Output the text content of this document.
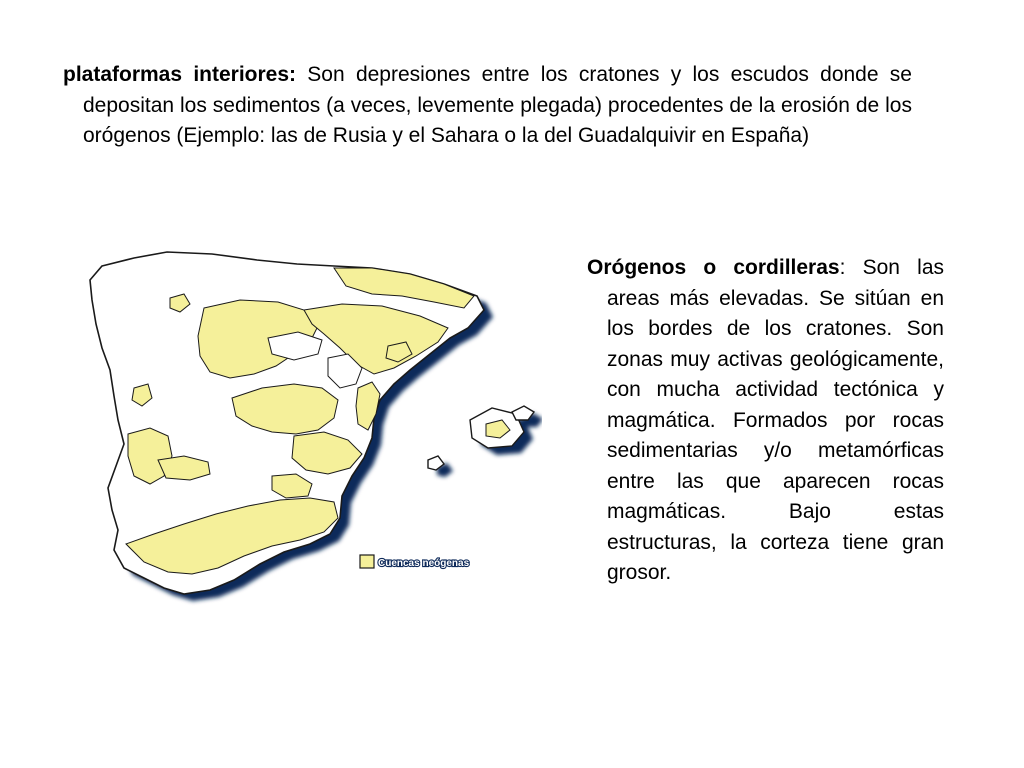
plataformas interiores: Son depresiones entre los cratones y los escudos donde se depositan los sedimentos (a veces, levemente plegada) procedentes de la erosión de los orógenos (Ejemplo: las de Rusia y el Sahara o la del Guadalquivir en España)
Cuencas neógenas
Orógenos o cordilleras: Son las areas más elevadas. Se sitúan en los bordes de los cratones. Son zonas muy activas geológicamente, con mucha actividad tectónica y magmática. Formados por rocas sedimentarias y/o metamórficas entre las que aparecen rocas magmáticas. Bajo estas estructuras, la corteza tiene gran grosor.
